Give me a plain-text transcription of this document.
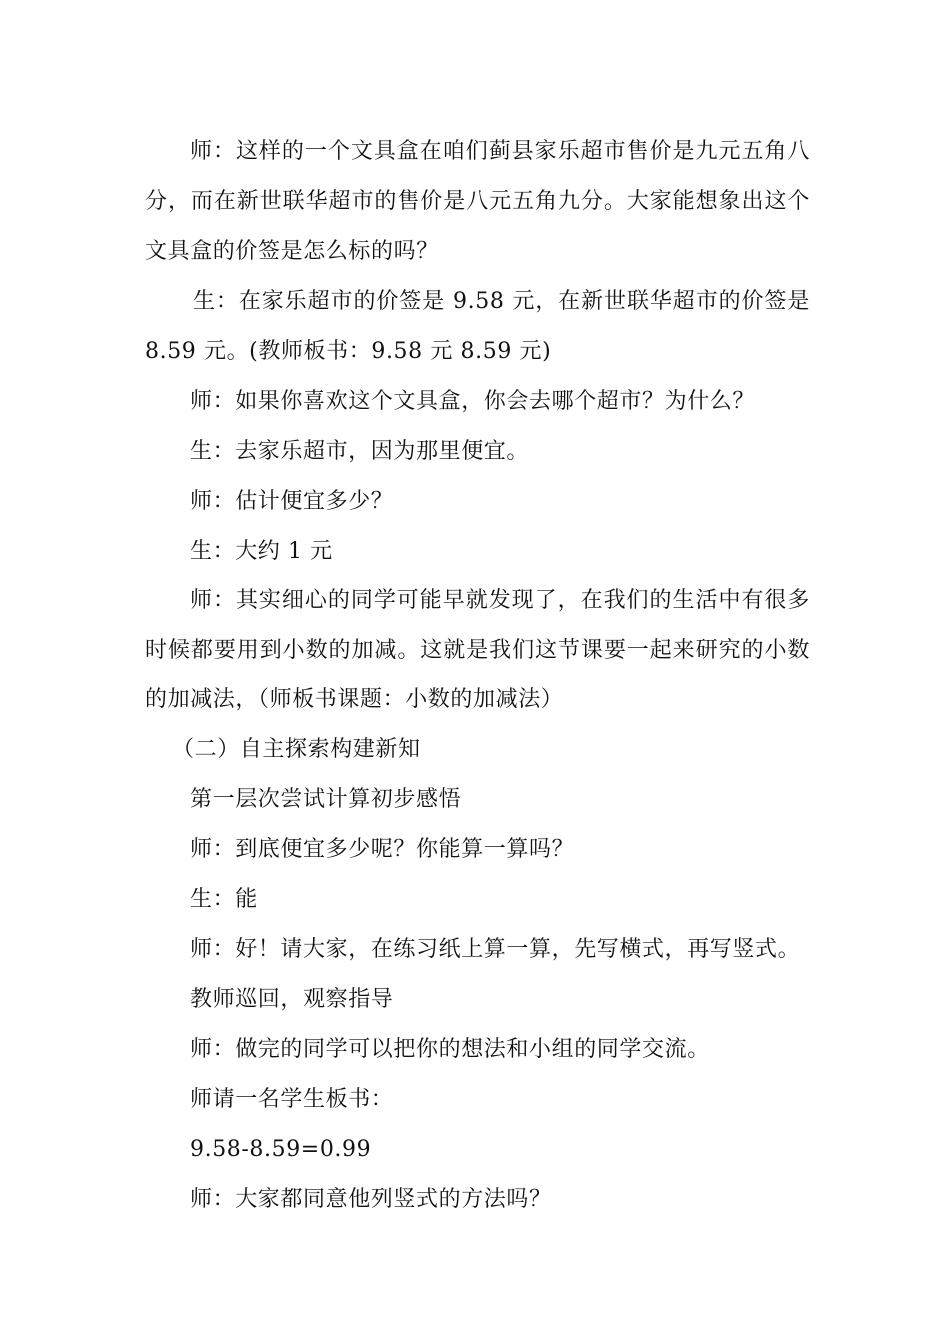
师：这样的一个文具盒在咱们蓟县家乐超市售价是九元五角八
分，而在新世联华超市的售价是八元五角九分。大家能想象出这个
文具盒的价签是怎么标的吗？
生：在家乐超市的价签是 9.58 元，在新世联华超市的价签是
8.59 元。(教师板书：9.58 元 8.59 元)
师：如果你喜欢这个文具盒，你会去哪个超市？为什么？
生：去家乐超市，因为那里便宜。
师：估计便宜多少？
生：大约 1 元
师：其实细心的同学可能早就发现了，在我们的生活中有很多
时候都要用到小数的加减。这就是我们这节课要一起来研究的小数
的加减法，（师板书课题：小数的加减法）
（二）自主探索构建新知
第一层次尝试计算初步感悟
师：到底便宜多少呢？你能算一算吗？
生：能
师：好！请大家，在练习纸上算一算，先写横式，再写竖式。
教师巡回，观察指导
师：做完的同学可以把你的想法和小组的同学交流。
师请一名学生板书：
9.58-8.59=0.99
师：大家都同意他列竖式的方法吗？
